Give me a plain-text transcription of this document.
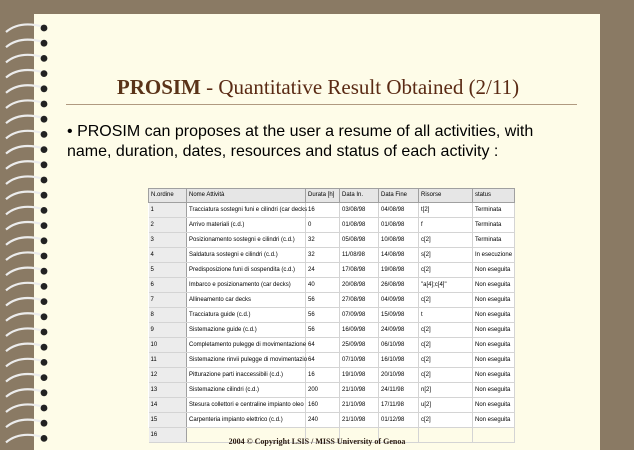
PROSIM - Quantitative Result Obtained (2/11)
• PROSIM can proposes at the user a resume of all activities, with name, duration, dates, resources and status of each activity :
N.ordine	Nome Attività	Durata [h]	Data In.	Data Fine	Risorse	status
1	Tracciatura sostegni funi e cilindri (car decks	16	03/08/98	04/08/98	t[2]	Terminata
2	Arrivo materiali (c.d.)	0	01/08/98	01/08/98	f	Terminata
3	Posizionamento sostegni e cilindri (c.d.)	32	05/08/98	10/08/98	c[2]	Terminata
4	Saldatura sostegni e cilindri (c.d.)	32	11/08/98	14/08/98	s[2]	In esecuzione
5	Predisposizione funi di sospendita (c.d.)	24	17/08/98	19/08/98	c[2]	Non eseguita
6	Imbarco e posizionamento (car decks)	40	20/08/98	26/08/98	"a[4];c[4]"	Non eseguita
7	Allineamento car decks	56	27/08/98	04/09/98	c[2]	Non eseguita
8	Tracciatura guide (c.d.)	56	07/09/98	15/09/98	t	Non eseguita
9	Sistemazione guide (c.d.)	56	16/09/98	24/09/98	c[2]	Non eseguita
10	Completamento pulegge di movimentazione	64	25/09/98	06/10/98	c[2]	Non eseguita
11	Sistemazione rinvii pulegge di movimentazio	64	07/10/98	16/10/98	c[2]	Non eseguita
12	Pitturazione parti inaccessibili (c.d.)	16	19/10/98	20/10/98	c[2]	Non eseguita
13	Sistemazione cilindri (c.d.)	200	21/10/98	24/11/98	n[2]	Non eseguita
14	Stesura collettori e centraline impianto oleo	160	21/10/98	17/11/98	u[2]	Non eseguita
15	Carpenteria impianto elettrico (c.d.)	240	21/10/98	01/12/98	c[2]	Non eseguita
16						
2004 © Copyright LSIS / MISS University of Genoa
